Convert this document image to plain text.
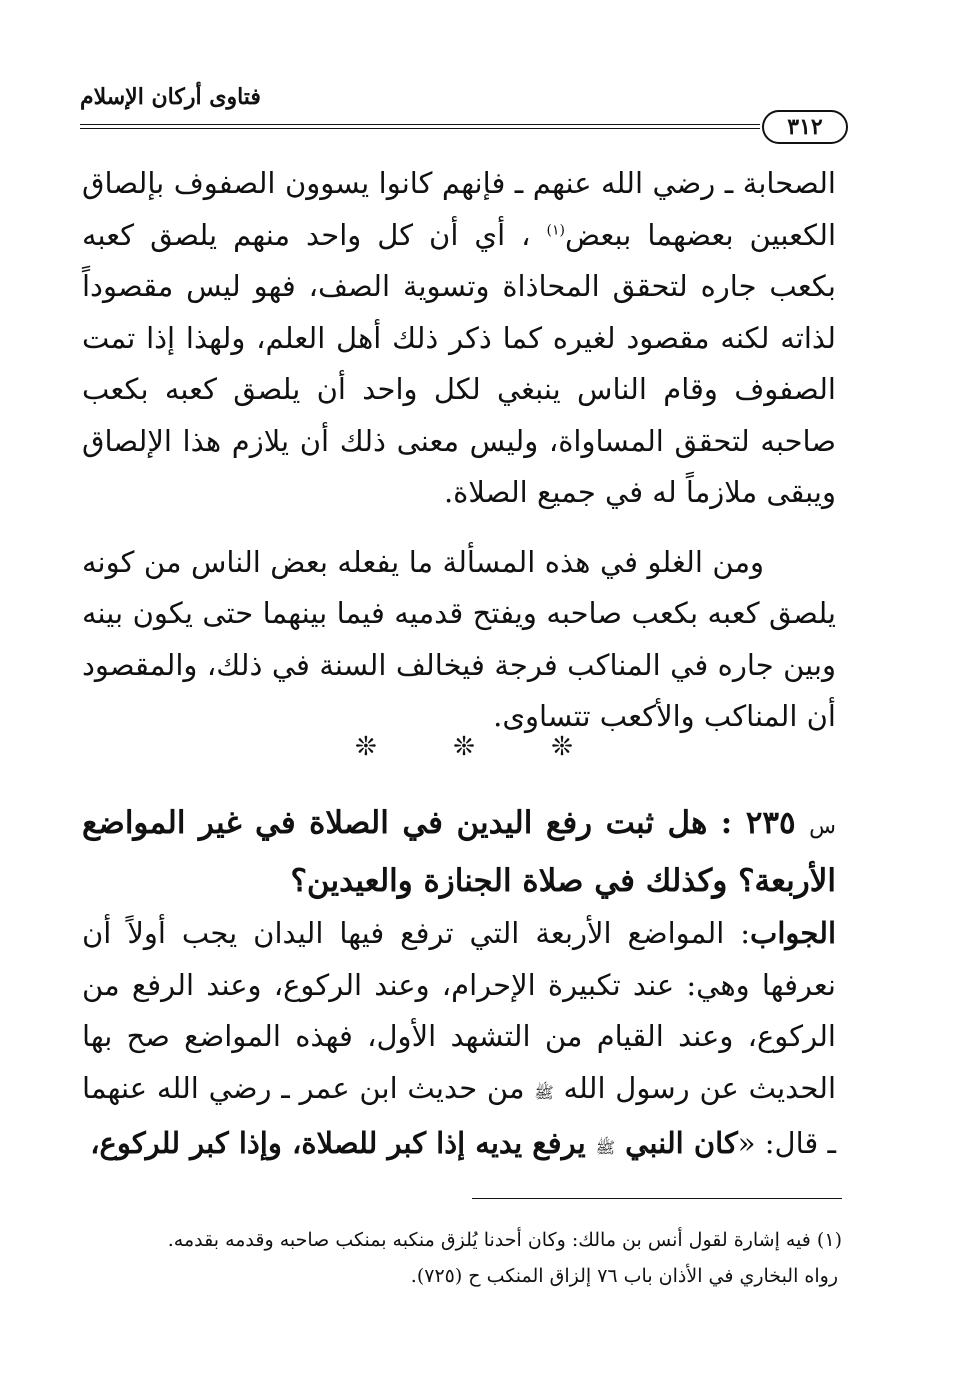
فتاوى أركان الإسلام
٣١٢

الصحابة ـ رضي الله عنهم ـ فإنهم كانوا يسوون الصفوف بإلصاق الكعبين بعضهما ببعض$^{(١)}$ ، أي أن كل واحد منهم يلصق كعبه بكعب جاره لتحقق المحاذاة وتسوية الصف، فهو ليس مقصوداً لذاته لكنه مقصود لغيره كما ذكر ذلك أهل العلم، ولهذا إذا تمت الصفوف وقام الناس ينبغي لكل واحد أن يلصق كعبه بكعب صاحبه لتحقق المساواة، وليس معنى ذلك أن يلازم هذا الإلصاق ويبقى ملازماً له في جميع الصلاة.

ومن الغلو في هذه المسألة ما يفعله بعض الناس من كونه يلصق كعبه بكعب صاحبه ويفتح قدميه فيما بينهما حتى يكون بينه وبين جاره في المناكب فرجة فيخالف السنة في ذلك، والمقصود أن المناكب والأكعب تتساوى.

❊ ❊ ❊
س ٢٣٥ : هل ثبت رفع اليدين في الصلاة في غير المواضع الأربعة؟ وكذلك في صلاة الجنازة والعيدين؟

الجواب: المواضع الأربعة التي ترفع فيها اليدان يجب أولاً أن نعرفها وهي: عند تكبيرة الإحرام، وعند الركوع، وعند الرفع من الركوع، وعند القيام من التشهد الأول، فهذه المواضع صح بها الحديث عن رسول الله ﷺ من حديث ابن عمر ـ رضي الله عنهما ـ قال: «كان النبي ﷺ يرفع يديه إذا كبر للصلاة، وإذا كبر للركوع،

(١) فيه إشارة لقول أنس بن مالك: وكان أحدنا يُلزق منكبه بمنكب صاحبه وقدمه بقدمه.

رواه البخاري في الأذان باب ٧٦ إلزاق المنكب ح (٧٢٥).
